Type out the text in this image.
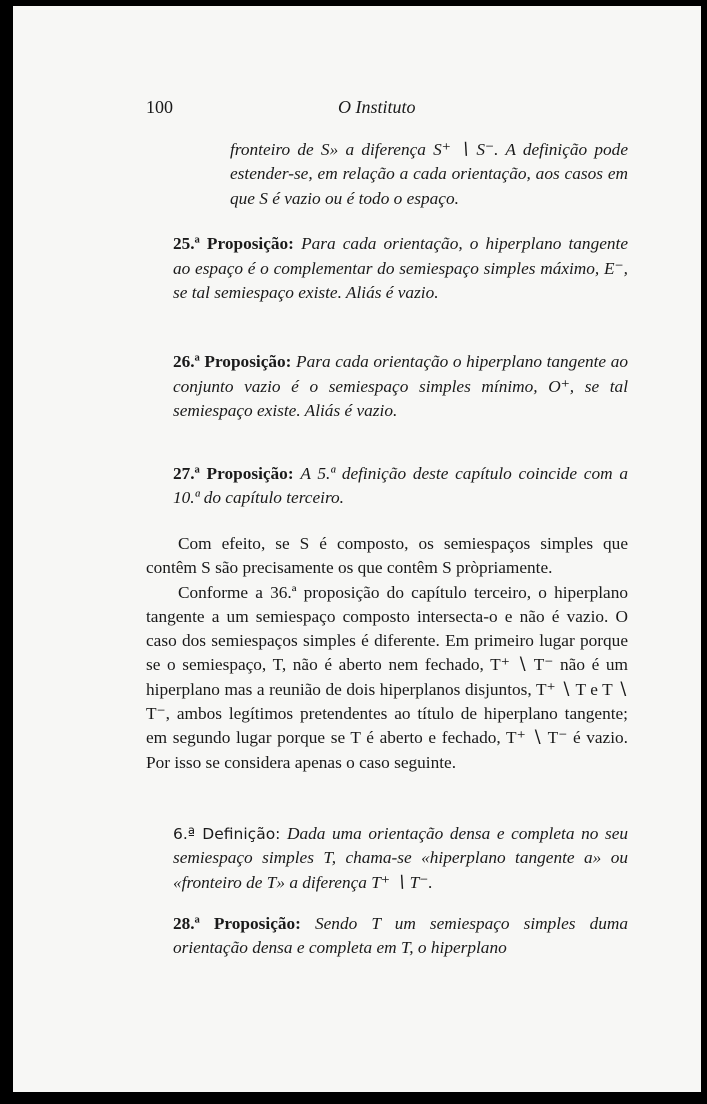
100	O Instituto
fronteiro de S» a diferença S⁺ ∖ S⁻. A definição pode estender-se, em relação a cada orientação, aos casos em que S é vazio ou é todo o espaço.
25.ª Proposição: Para cada orientação, o hiperplano tangente ao espaço é o complementar do semiespaço simples máximo, E⁻, se tal semiespaço existe. Aliás é vazio.
26.ª Proposição: Para cada orientação o hiperplano tangente ao conjunto vazio é o semiespaço simples mínimo, O⁺, se tal semiespaço existe. Aliás é vazio.
27.ª Proposição: A 5.ª definição deste capítulo coincide com a 10.ª do capítulo terceiro.

Com efeito, se S é composto, os semiespaços simples que contêm S são precisamente os que contêm S pròpriamente.

Conforme a 36.ª proposição do capítulo terceiro, o hiperplano tangente a um semiespaço composto intersecta-o e não é vazio. O caso dos semiespaços simples é diferente. Em primeiro lugar porque se o semiespaço, T, não é aberto nem fechado, T⁺ ∖ T⁻ não é um hiperplano mas a reunião de dois hiperplanos disjuntos, T⁺ ∖ T e T ∖ T⁻, ambos legítimos pretendentes ao título de hiperplano tangente; em segundo lugar porque se T é aberto e fechado, T⁺ ∖ T⁻ é vazio. Por isso se considera apenas o caso seguinte.

6.ª Definição: Dada uma orientação densa e completa no seu semiespaço simples T, chama-se «hiperplano tangente a» ou «fronteiro de T» a diferença T⁺ ∖ T⁻.
28.ª Proposição: Sendo T um semiespaço simples duma orientação densa e completa em T, o hiperplano
